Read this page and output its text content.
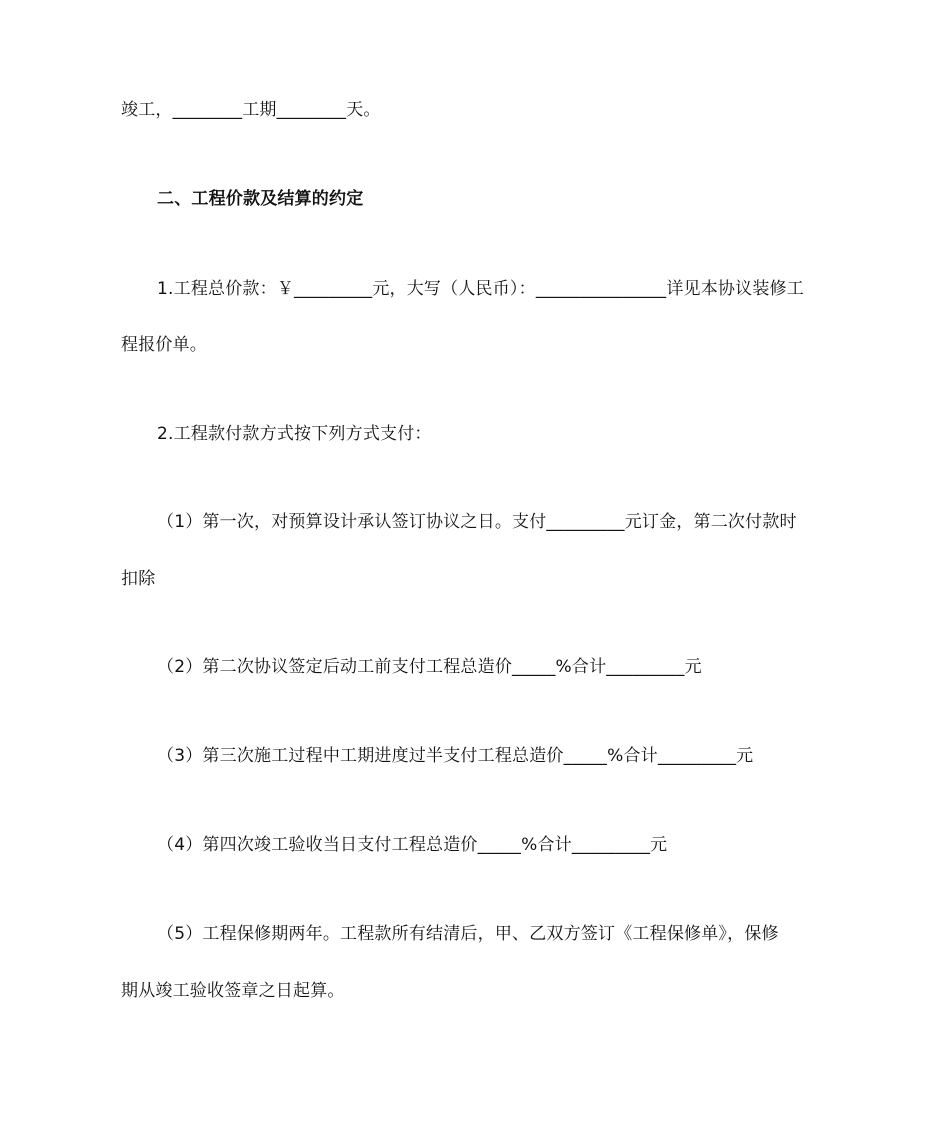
竣工，________工期________天。
二、工程价款及结算的约定
1.工程总价款：￥_________元，大写（人民币）：_______________详见本协议装修工
程报价单。
2.工程款付款方式按下列方式支付：
（1）第一次，对预算设计承认签订协议之日。支付_________元订金，第二次付款时
扣除
（2）第二次协议签定后动工前支付工程总造价_____%合计_________元
（3）第三次施工过程中工期进度过半支付工程总造价_____%合计_________元
（4）第四次竣工验收当日支付工程总造价_____%合计_________元
（5）工程保修期两年。工程款所有结清后，甲、乙双方签订《工程保修单》，保修
期从竣工验收签章之日起算。
